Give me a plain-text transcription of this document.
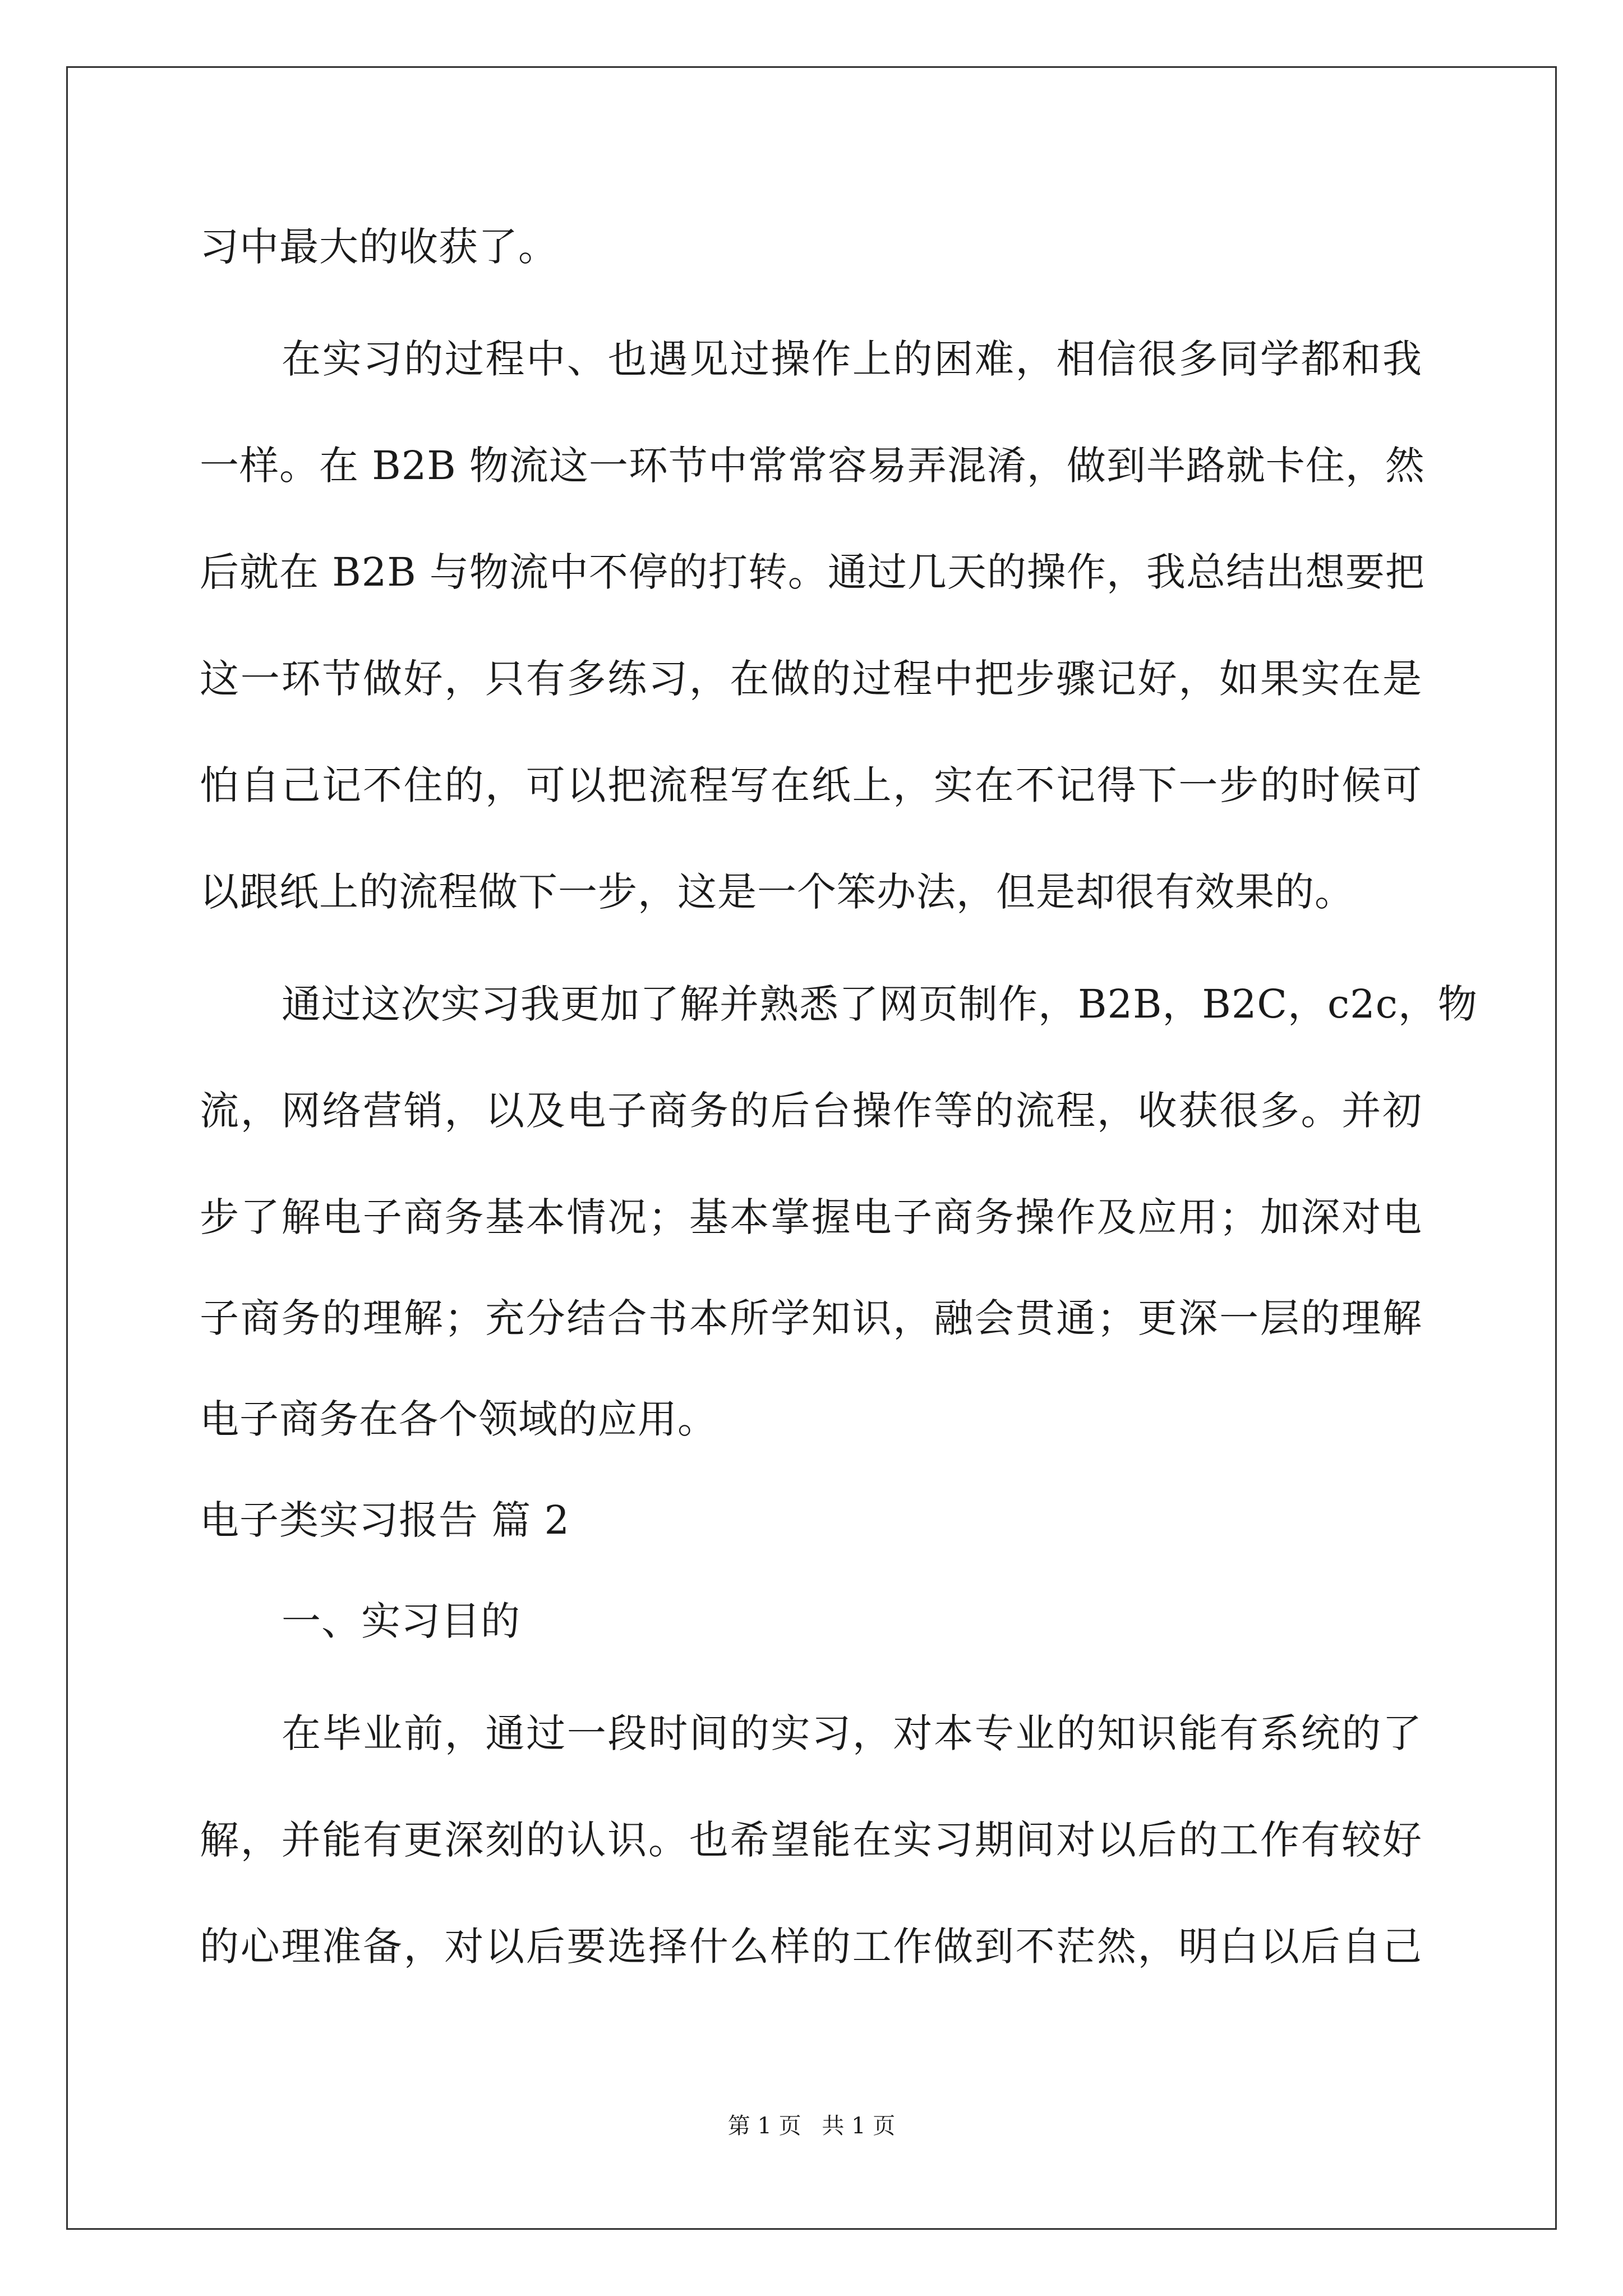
习中最大的收获了。
在实习的过程中、也遇见过操作上的困难，相信很多同学都和我
一样。在 B2B 物流这一环节中常常容易弄混淆，做到半路就卡住，然
后就在 B2B 与物流中不停的打转。通过几天的操作，我总结出想要把
这一环节做好，只有多练习，在做的过程中把步骤记好，如果实在是
怕自己记不住的，可以把流程写在纸上，实在不记得下一步的时候可
以跟纸上的流程做下一步，这是一个笨办法，但是却很有效果的。
通过这次实习我更加了解并熟悉了网页制作，B2B，B2C，c2c，物
流，网络营销，以及电子商务的后台操作等的流程，收获很多。并初
步了解电子商务基本情况；基本掌握电子商务操作及应用；加深对电
子商务的理解；充分结合书本所学知识，融会贯通；更深一层的理解
电子商务在各个领域的应用。
电子类实习报告 篇 2
一、实习目的
在毕业前，通过一段时间的实习，对本专业的知识能有系统的了
解，并能有更深刻的认识。也希望能在实习期间对以后的工作有较好
的心理准备，对以后要选择什么样的工作做到不茫然，明白以后自己
第 1 页 共 1 页
